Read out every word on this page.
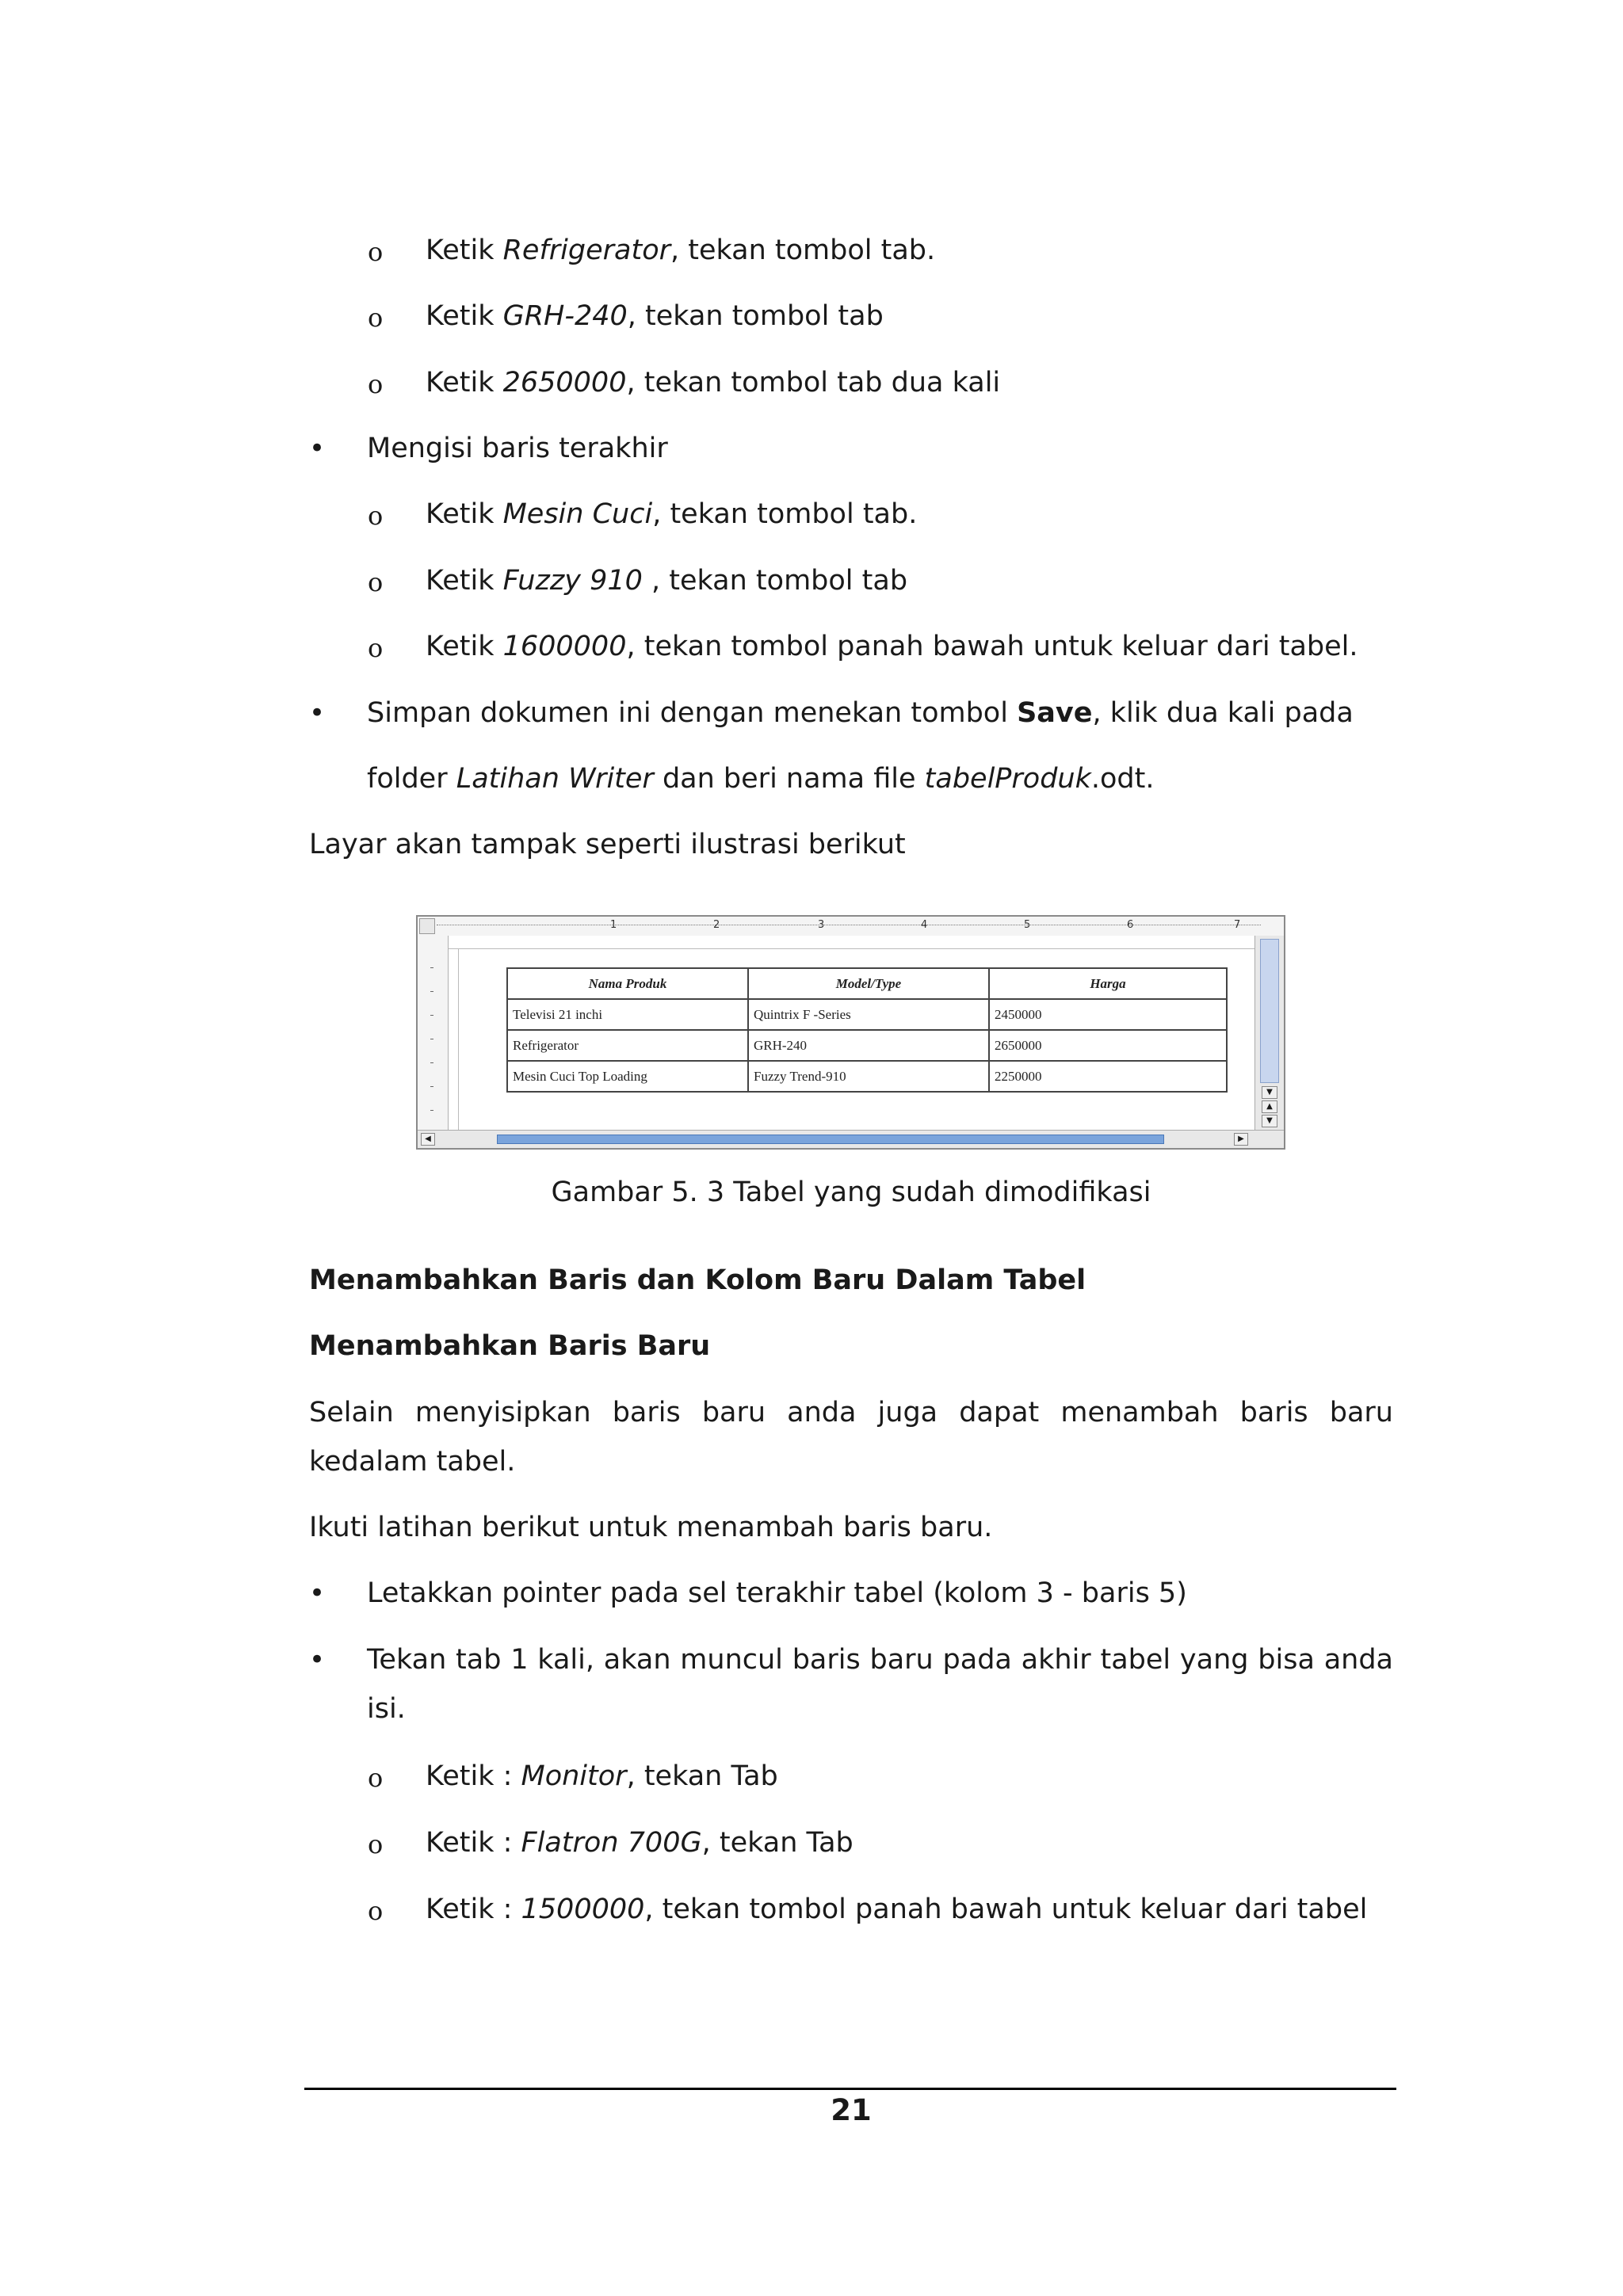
o Ketik Refrigerator, tekan tombol tab.
o Ketik GRH-240, tekan tombol tab
o Ketik 2650000, tekan tombol tab dua kali
• Mengisi baris terakhir
o Ketik Mesin Cuci, tekan tombol tab.
o Ketik Fuzzy 910 , tekan tombol tab
o Ketik 1600000, tekan tombol panah bawah untuk keluar dari tabel.
• Simpan dokumen ini dengan menekan tombol Save, klik dua kali pada
folder Latihan Writer dan beri nama file tabelProduk.odt.
Layar akan tampak seperti ilustrasi berikut
1	2	3	4	5	6	7
Nama Produk	Model/Type	Harga
Televisi 21 inchi	Quintrix F -Series	2450000
Refrigerator	GRH-240	2650000
Mesin Cuci Top Loading	Fuzzy Trend-910	2250000
▼
▲
▼
◀	▶
Gambar 5. 3 Tabel yang sudah dimodifikasi
Menambahkan Baris dan Kolom Baru Dalam Tabel
Menambahkan Baris Baru
Selain menyisipkan baris baru anda juga dapat menambah baris baru kedalam tabel.
Ikuti latihan berikut untuk menambah baris baru.
• Letakkan pointer pada sel terakhir tabel (kolom 3 - baris 5)
• Tekan tab 1 kali, akan muncul baris baru pada akhir tabel yang bisa anda isi.
o Ketik : Monitor, tekan Tab
o Ketik : Flatron 700G, tekan Tab
o Ketik : 1500000, tekan tombol panah bawah untuk keluar dari tabel
21
